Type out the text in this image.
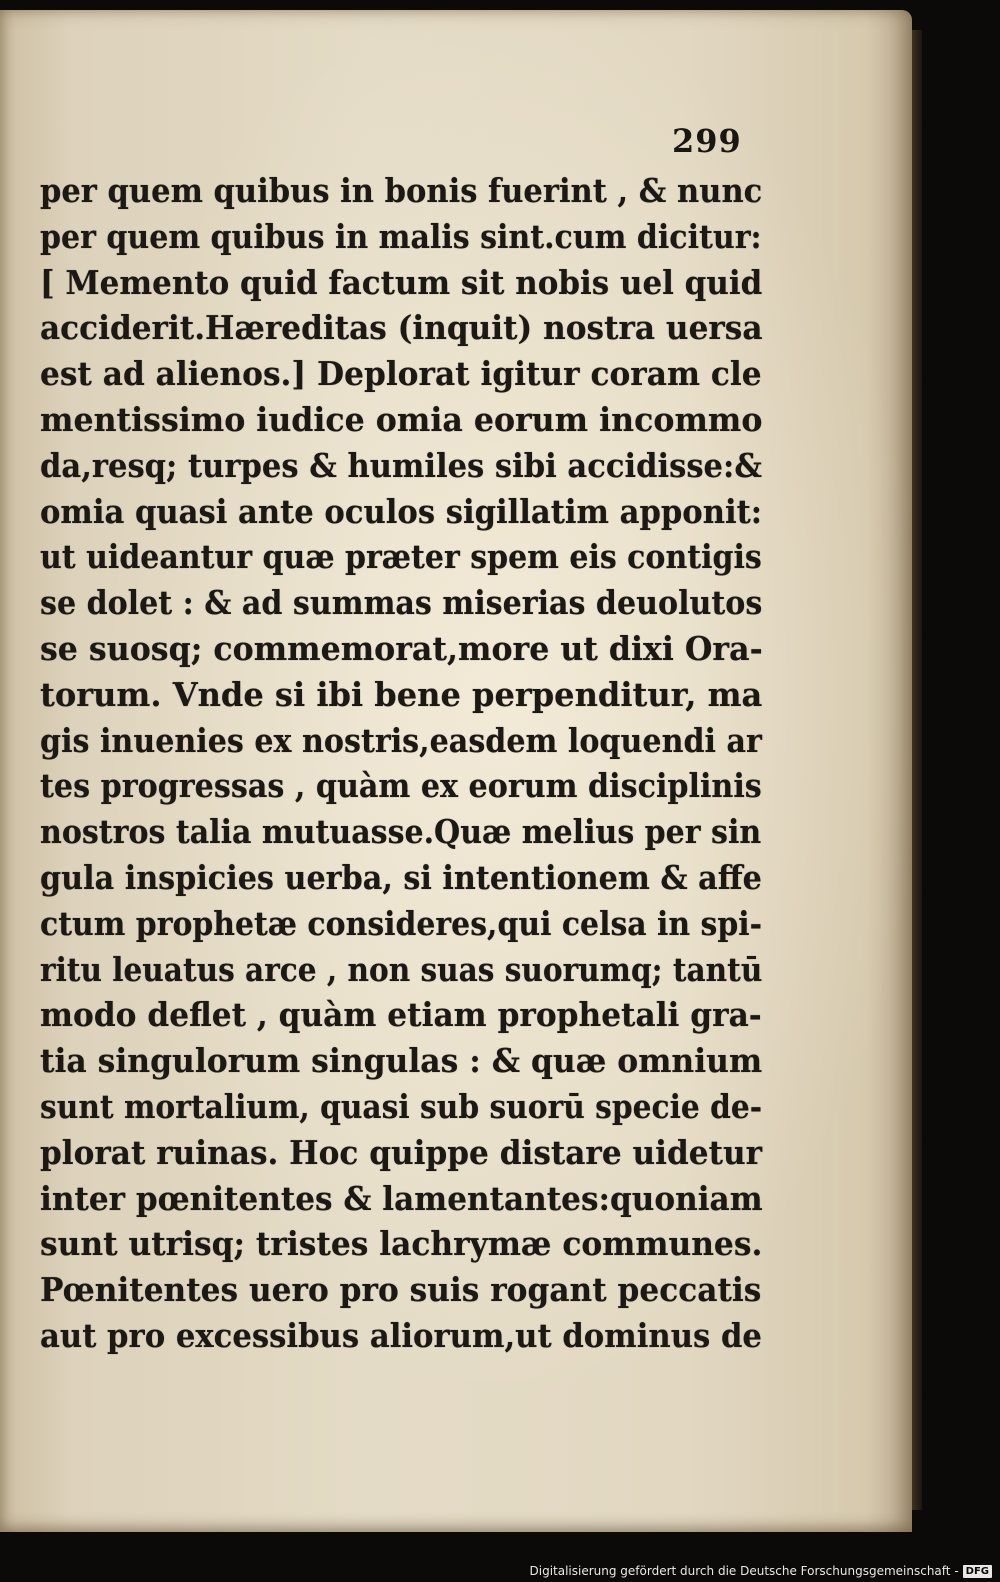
299
per quem quibus in bonis fuerint , & nunc
per quem quibus in malis sint.cum dicitur:
[ Memento quid factum sit nobis uel quid
acciderit.Hæreditas (inquit) nostra uersa
est ad alienos.] Deplorat igitur coram cle
mentissimo iudice omia eorum incommo
da,resq; turpes & humiles sibi accidisse:&
omia quasi ante oculos sigillatim apponit:
ut uideantur quæ præter spem eis contigis
se dolet : & ad summas miserias deuolutos
se suosq; commemorat,more ut dixi Ora-
torum. Vnde si ibi bene perpenditur, ma
gis inuenies ex nostris,easdem loquendi ar
tes progressas , quàm ex eorum disciplinis
nostros talia mutuasse.Quæ melius per sin
gula inspicies uerba, si intentionem & affe
ctum prophetæ consideres,qui celsa in spi-
ritu leuatus arce , non suas suorumq; tantū
modo deflet , quàm etiam prophetali gra-
tia singulorum singulas : & quæ omnium
sunt mortalium, quasi sub suorū specie de-
plorat ruinas. Hoc quippe distare uidetur
inter pœnitentes & lamentantes:quoniam
sunt utrisq; tristes lachrymæ communes.
Pœnitentes uero pro suis rogant peccatis
aut pro excessibus aliorum,ut dominus de
Digitalisierung gefördert durch die Deutsche Forschungsgemeinschaft - DFG
